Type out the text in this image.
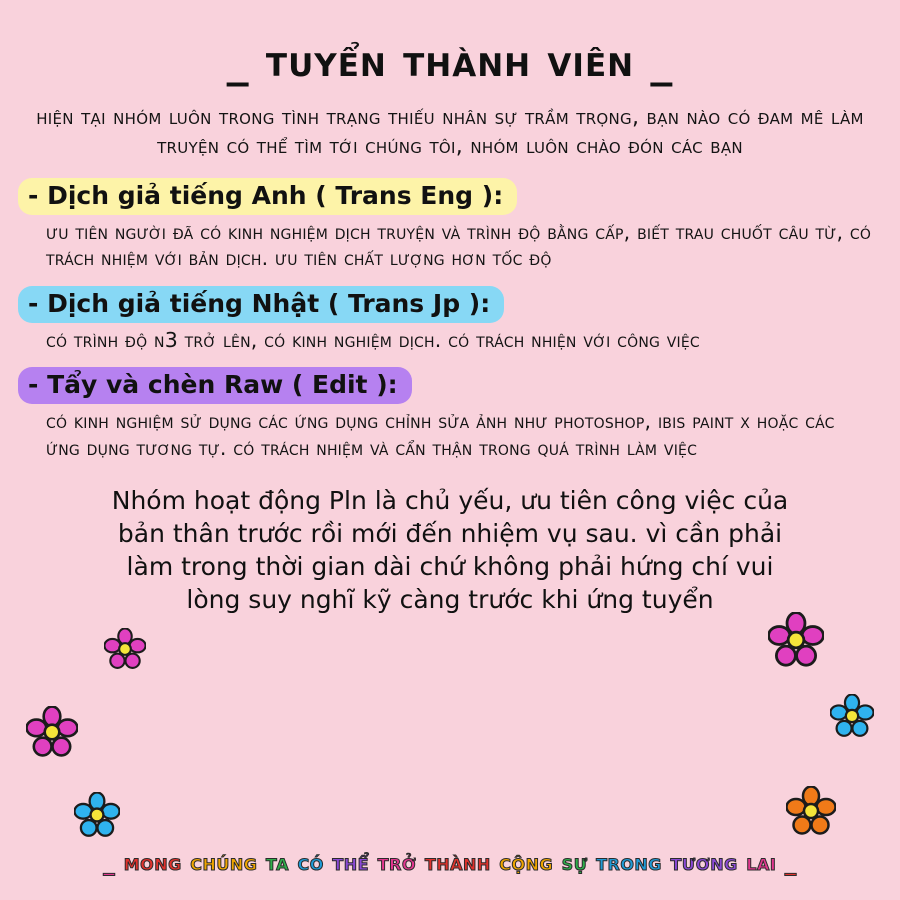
_ tuyển thành viên _
hiện tại nhóm luôn trong tình trạng thiếu nhân sự trầm trọng, bạn nào có đam mê làm truyện có thể tìm tới chúng tôi, nhóm luôn chào đón các bạn
- Dịch giả tiếng Anh ( Trans Eng ):
ưu tiên người đã có kinh nghiệm dịch truyện và trình độ bằng cấp, biết trau chuốt câu từ, có trách nhiệm với bản dịch. ưu tiên chất lượng hơn tốc độ
- Dịch giả tiếng Nhật ( Trans Jp ):
có trình độ n3 trở lên, có kinh nghiệm dịch. có trách nhiện với công việc
- Tẩy và chèn Raw ( Edit ):
có kinh nghiệm sử dụng các ứng dụng chỉnh sửa ảnh như photoshop, ibis paint x hoặc các ứng dụng tương tự. có trách nhiệm và cẩn thận trong quá trình làm việc
Nhóm hoạt động Pln là chủ yếu, ưu tiên công việc của bản thân trước rồi mới đến nhiệm vụ sau. vì cần phải làm trong thời gian dài chứ không phải hứng chí vui lòng suy nghĩ kỹ càng trước khi ứng tuyển
_ mong chúng ta có thể trở thành cộng sự trong tương lai _
